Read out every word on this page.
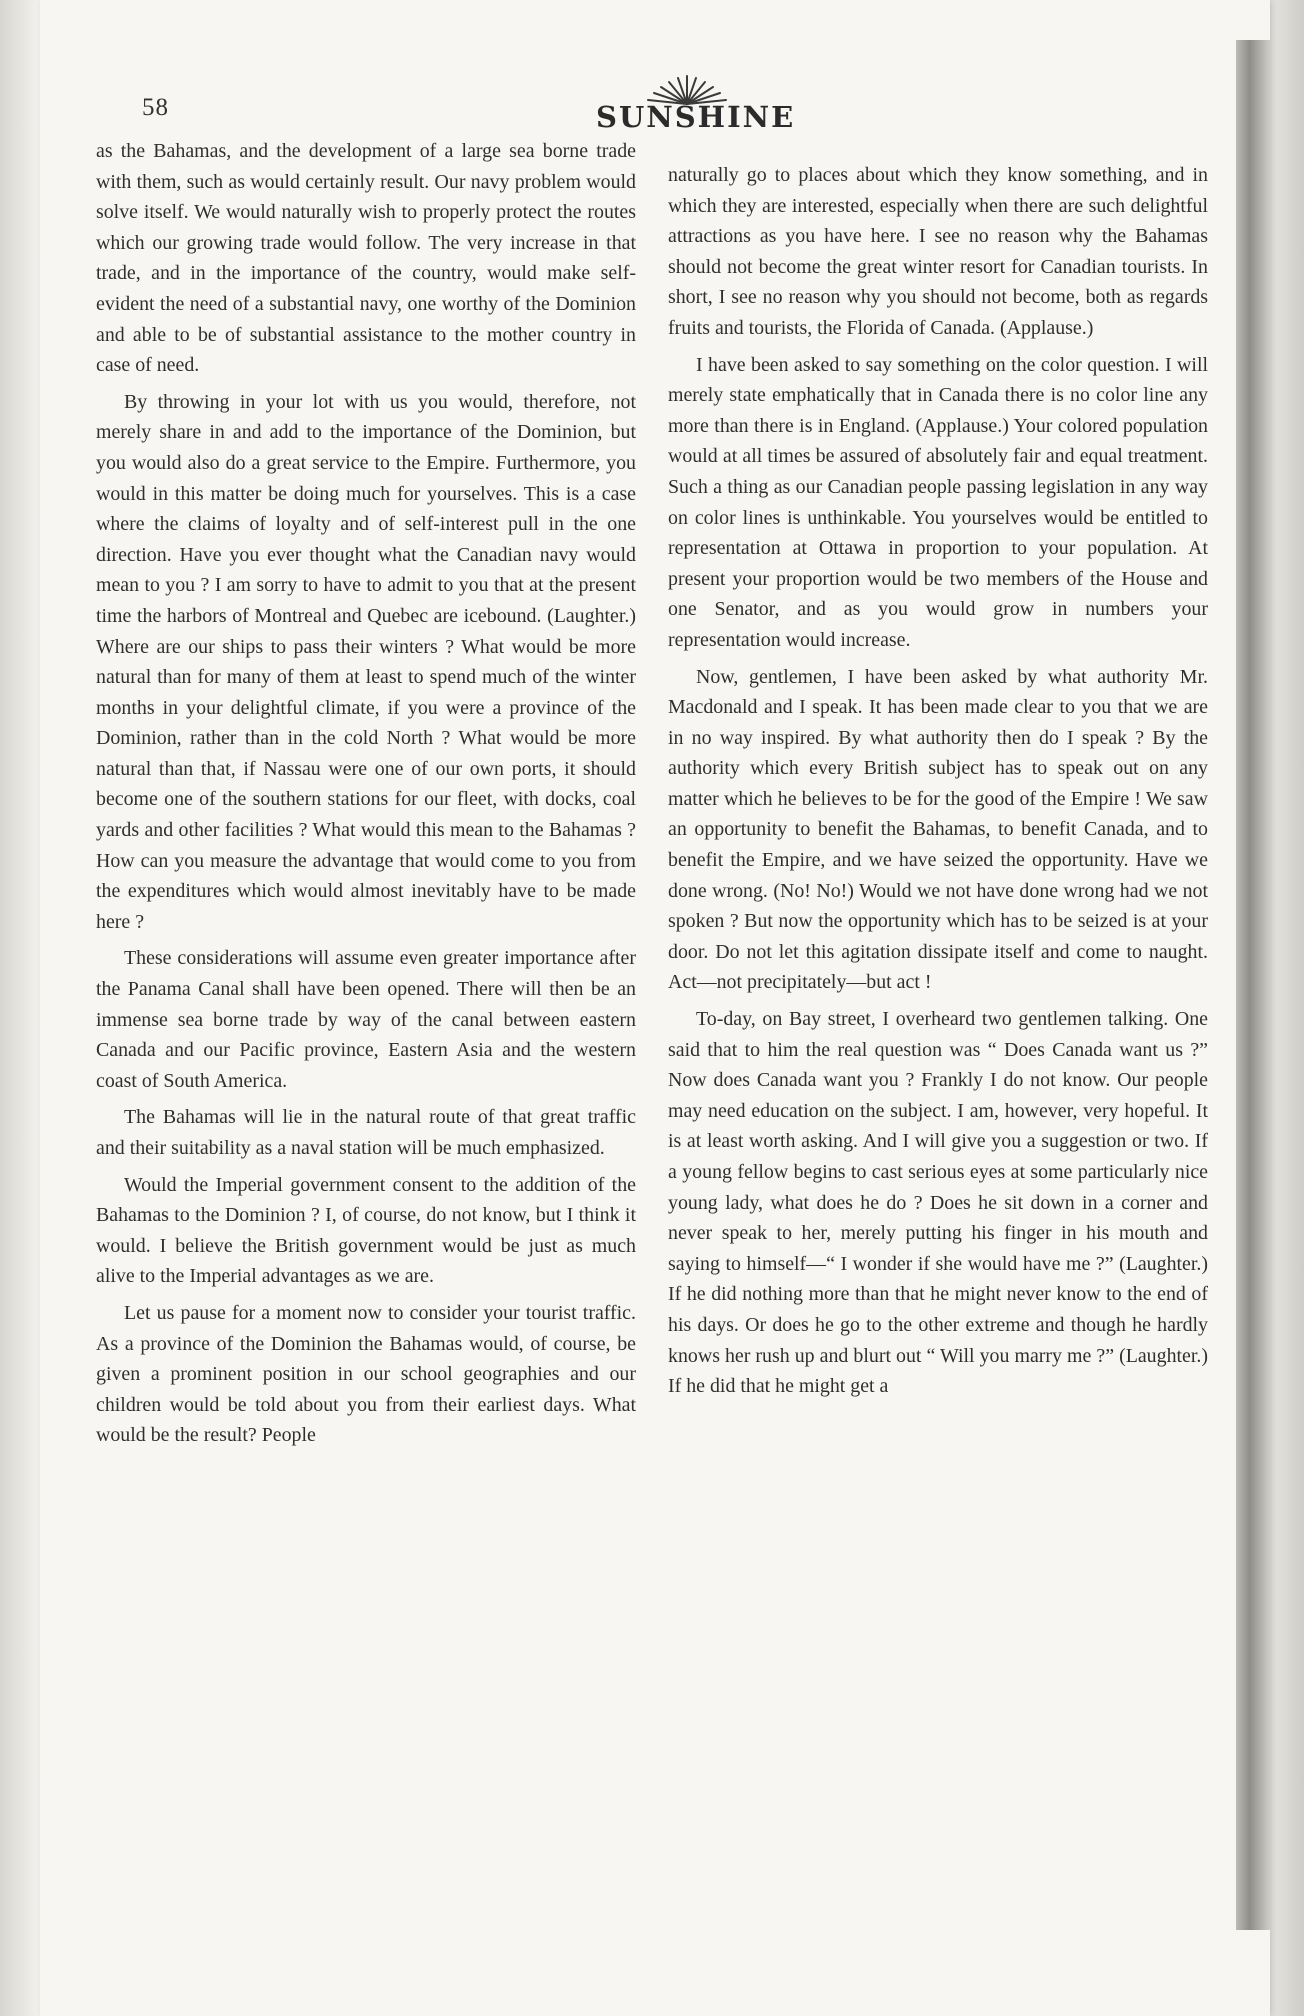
58	SUNSHINE

as the Bahamas, and the development of a large sea borne trade with them, such as would certainly result. Our navy problem would solve itself. We would naturally wish to properly protect the routes which our growing trade would follow. The very increase in that trade, and in the importance of the country, would make self-evident the need of a substantial navy, one worthy of the Dominion and able to be of substantial assistance to the mother country in case of need.

By throwing in your lot with us you would, therefore, not merely share in and add to the importance of the Dominion, but you would also do a great service to the Empire. Furthermore, you would in this matter be doing much for yourselves. This is a case where the claims of loyalty and of self-interest pull in the one direction. Have you ever thought what the Canadian navy would mean to you ? I am sorry to have to admit to you that at the present time the harbors of Montreal and Quebec are icebound. (Laughter.) Where are our ships to pass their winters ? What would be more natural than for many of them at least to spend much of the winter months in your delightful climate, if you were a province of the Dominion, rather than in the cold North ? What would be more natural than that, if Nassau were one of our own ports, it should become one of the southern stations for our fleet, with docks, coal yards and other facilities ? What would this mean to the Bahamas ? How can you measure the advantage that would come to you from the expenditures which would almost inevitably have to be made here ?

These considerations will assume even greater importance after the Panama Canal shall have been opened. There will then be an immense sea borne trade by way of the canal between eastern Canada and our Pacific province, Eastern Asia and the western coast of South America.

The Bahamas will lie in the natural route of that great traffic and their suitability as a naval station will be much emphasized.

Would the Imperial government consent to the addition of the Bahamas to the Dominion ? I, of course, do not know, but I think it would. I believe the British government would be just as much alive to the Imperial advantages as we are.

Let us pause for a moment now to consider your tourist traffic. As a province of the Dominion the Bahamas would, of course, be given a prominent position in our school geographies and our children would be told about you from their earliest days. What would be the result? People

naturally go to places about which they know something, and in which they are interested, especially when there are such delightful attractions as you have here. I see no reason why the Bahamas should not become the great winter resort for Canadian tourists. In short, I see no reason why you should not become, both as regards fruits and tourists, the Florida of Canada. (Applause.)

I have been asked to say something on the color question. I will merely state emphatically that in Canada there is no color line any more than there is in England. (Applause.) Your colored population would at all times be assured of absolutely fair and equal treatment. Such a thing as our Canadian people passing legislation in any way on color lines is unthinkable. You yourselves would be entitled to representation at Ottawa in proportion to your population. At present your proportion would be two members of the House and one Senator, and as you would grow in numbers your representation would increase.

Now, gentlemen, I have been asked by what authority Mr. Macdonald and I speak. It has been made clear to you that we are in no way inspired. By what authority then do I speak ? By the authority which every British subject has to speak out on any matter which he believes to be for the good of the Empire ! We saw an opportunity to benefit the Bahamas, to benefit Canada, and to benefit the Empire, and we have seized the opportunity. Have we done wrong. (No! No!) Would we not have done wrong had we not spoken ? But now the opportunity which has to be seized is at your door. Do not let this agitation dissipate itself and come to naught. Act—not precipitately—but act !

To-day, on Bay street, I overheard two gentlemen talking. One said that to him the real question was “ Does Canada want us ?” Now does Canada want you ? Frankly I do not know. Our people may need education on the subject. I am, however, very hopeful. It is at least worth asking. And I will give you a suggestion or two. If a young fellow begins to cast serious eyes at some particularly nice young lady, what does he do ? Does he sit down in a corner and never speak to her, merely putting his finger in his mouth and saying to himself—“ I wonder if she would have me ?” (Laughter.) If he did nothing more than that he might never know to the end of his days. Or does he go to the other extreme and though he hardly knows her rush up and blurt out “ Will you marry me ?” (Laughter.) If he did that he might get a
